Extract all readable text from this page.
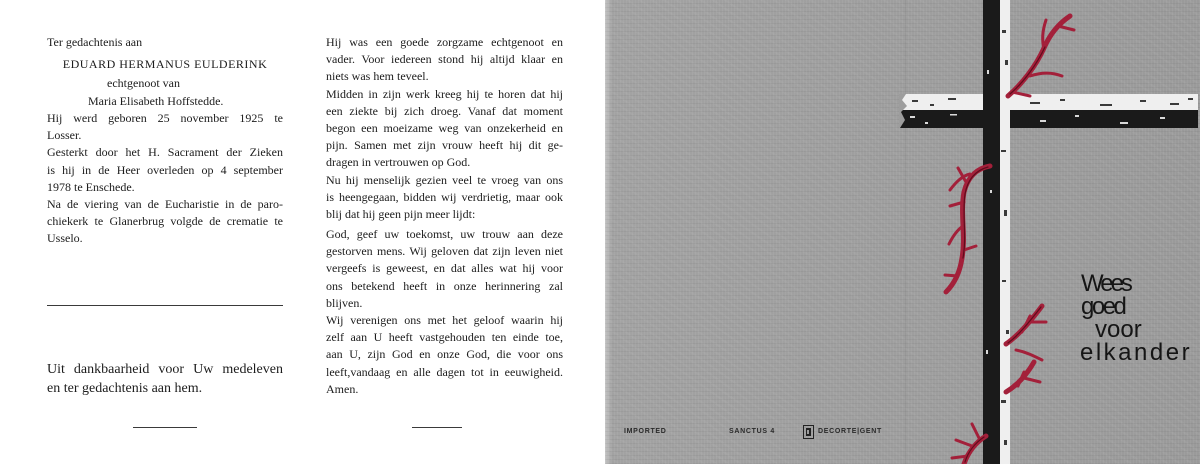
Ter gedachtenis aan
EDUARD HERMANUS EULDERINK
echtgenoot van
Maria Elisabeth Hoffstedde.
Hij werd geboren 25 november 1925 te
Losser.
Gesterkt door het H. Sacrament der Zieken
is hij in de Heer overleden op 4 september
1978 te Enschede.
Na de viering van de Eucharistie in de paro-
chiekerk te Glanerbrug volgde de crematie te
Usselo.
Uit dankbaarheid voor Uw medeleven
en ter gedachtenis aan hem.
Hij was een goede zorgzame echtgenoot en
vader. Voor iedereen stond hij altijd klaar en
niets was hem teveel.
Midden in zijn werk kreeg hij te horen dat hij
een ziekte bij zich droeg. Vanaf dat moment
begon een moeizame weg van onzekerheid en
pijn. Samen met zijn vrouw heeft hij dit ge-
dragen in vertrouwen op God.
Nu hij menselijk gezien veel te vroeg van ons
is heengegaan, bidden wij verdrietig, maar ook
blij dat hij geen pijn meer lijdt:
God, geef uw toekomst, uw trouw aan deze
gestorven mens. Wij geloven dat zijn leven niet
vergeefs is geweest, en dat alles wat hij voor
ons betekend heeft in onze herinnering zal
blijven.
Wij verenigen ons met het geloof waarin hij
zelf aan U heeft vastgehouden ten einde toe,
aan U, zijn God en onze God, die voor ons
leeft,vandaag en alle dagen tot in eeuwigheid.
Amen.
Wees
goed
voor
elkander
IMPORTED	SANCTUS 4	DECORTE|GENT
